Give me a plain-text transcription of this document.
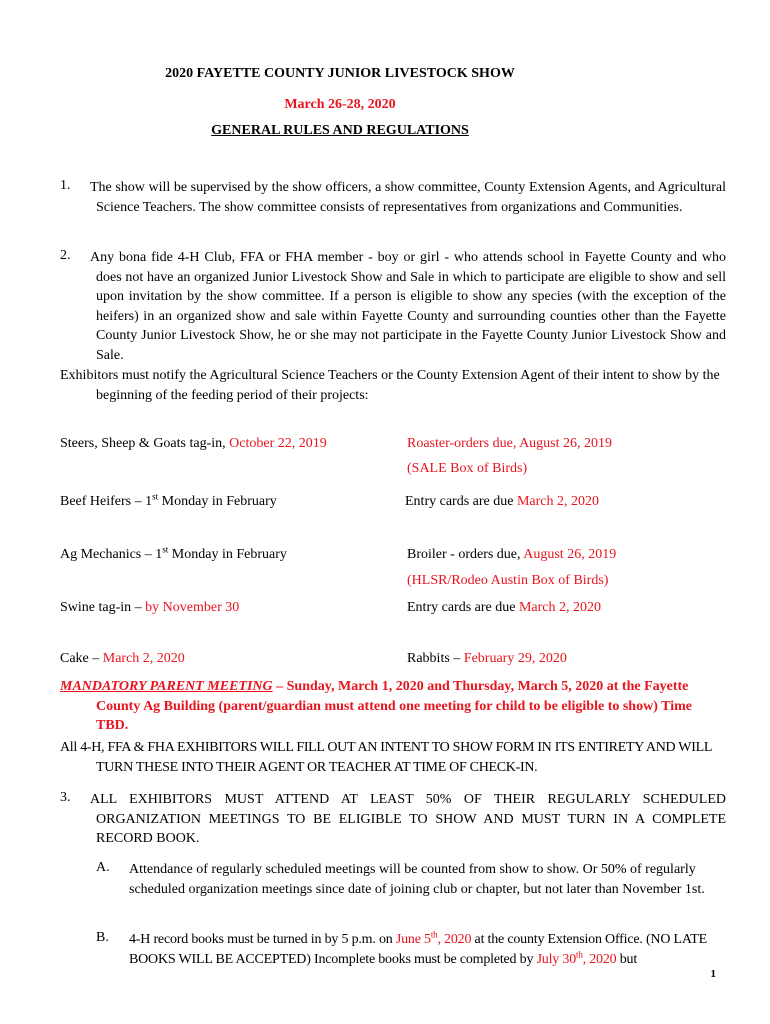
2020 FAYETTE COUNTY JUNIOR LIVESTOCK SHOW
March 26-28, 2020
GENERAL RULES AND REGULATIONS
1. The show will be supervised by the show officers, a show committee, County Extension Agents, and Agricultural Science Teachers. The show committee consists of representatives from organizations and Communities.
2. Any bona fide 4-H Club, FFA or FHA member - boy or girl - who attends school in Fayette County and who does not have an organized Junior Livestock Show and Sale in which to participate are eligible to show and sell upon invitation by the show committee. If a person is eligible to show any species (with the exception of the heifers) in an organized show and sale within Fayette County and surrounding counties other than the Fayette County Junior Livestock Show, he or she may not participate in the Fayette County Junior Livestock Show and Sale.
Exhibitors must notify the Agricultural Science Teachers or the County Extension Agent of their intent to show by the beginning of the feeding period of their projects:
Steers, Sheep & Goats tag-in, October 22, 2019	Roaster-orders due, August 26, 2019
(SALE Box of Birds)
Beef Heifers – 1st Monday in February	Entry cards are due March 2, 2020
Ag Mechanics – 1st Monday in February	Broiler - orders due, August 26, 2019
(HLSR/Rodeo Austin Box of Birds)
Swine tag-in – by November 30	Entry cards are due March 2, 2020
Cake – March 2, 2020	Rabbits – February 29, 2020
MANDATORY PARENT MEETING – Sunday, March 1, 2020 and Thursday, March 5, 2020 at the Fayette County Ag Building (parent/guardian must attend one meeting for child to be eligible to show) Time TBD.
All 4-H, FFA & FHA EXHIBITORS WILL FILL OUT AN INTENT TO SHOW FORM IN ITS ENTIRETY AND WILL TURN THESE INTO THEIR AGENT OR TEACHER AT TIME OF CHECK-IN.
3. ALL EXHIBITORS MUST ATTEND AT LEAST 50% OF THEIR REGULARLY SCHEDULED ORGANIZATION MEETINGS TO BE ELIGIBLE TO SHOW AND MUST TURN IN A COMPLETE RECORD BOOK.
A. Attendance of regularly scheduled meetings will be counted from show to show. Or 50% of regularly scheduled organization meetings since date of joining club or chapter, but not later than November 1st.
B. 4-H record books must be turned in by 5 p.m. on June 5th, 2020 at the county Extension Office. (NO LATE BOOKS WILL BE ACCEPTED) Incomplete books must be completed by July 30th, 2020 but
1
